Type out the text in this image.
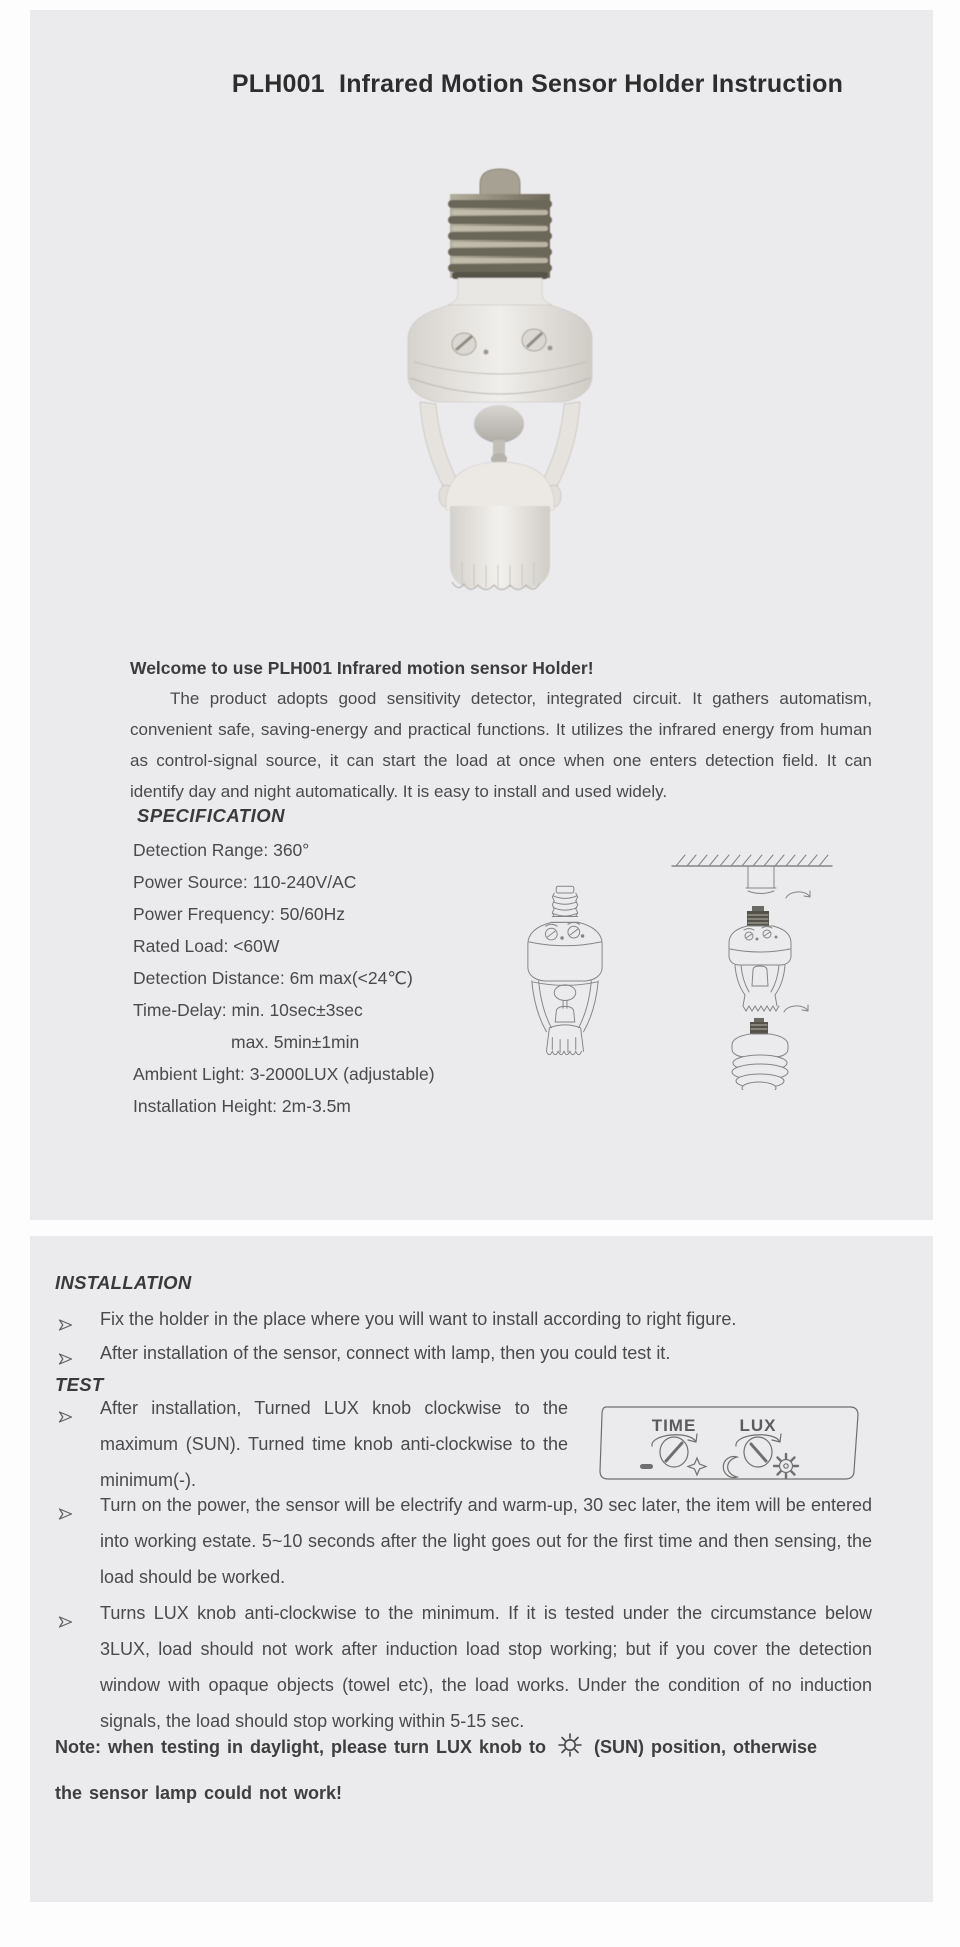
PLH001  Infrared Motion Sensor Holder Instruction
Welcome to use PLH001 Infrared motion sensor Holder!
The product adopts good sensitivity detector, integrated circuit. It gathers automatism, convenient safe, saving-energy and practical functions. It utilizes the infrared energy from human as control-signal source, it can start the load at once when one enters detection field. It can identify day and night automatically. It is easy to install and used widely.
SPECIFICATION
Detection Range: 360°
Power Source: 110-240V/AC
Power Frequency: 50/60Hz
Rated Load: <60W
Detection Distance: 6m max(<24℃)
Time-Delay: min. 10sec±3sec
max. 5min±1min
Ambient Light: 3-2000LUX (adjustable)
Installation Height: 2m-3.5m
INSTALLATION
Fix the holder in the place where you will want to install according to right figure.
After installation of the sensor, connect with lamp, then you could test it.
TEST
After installation, Turned LUX knob clockwise to the maximum (SUN). Turned time knob anti-clockwise to the minimum(-).
TIME	LUX
Turn on the power, the sensor will be electrify and warm-up, 30 sec later, the item will be entered into working estate. 5~10 seconds after the light goes out for the first time and then sensing, the load should be worked.
Turns LUX knob anti-clockwise to the minimum. If it is tested under the circumstance below 3LUX, load should not work after induction load stop working; but if you cover the detection window with opaque objects (towel etc), the load works. Under the condition of no induction signals, the load should stop working within 5-15 sec.
Note: when testing in daylight, please turn LUX knob to	(SUN) position, otherwise
the sensor lamp could not work!
